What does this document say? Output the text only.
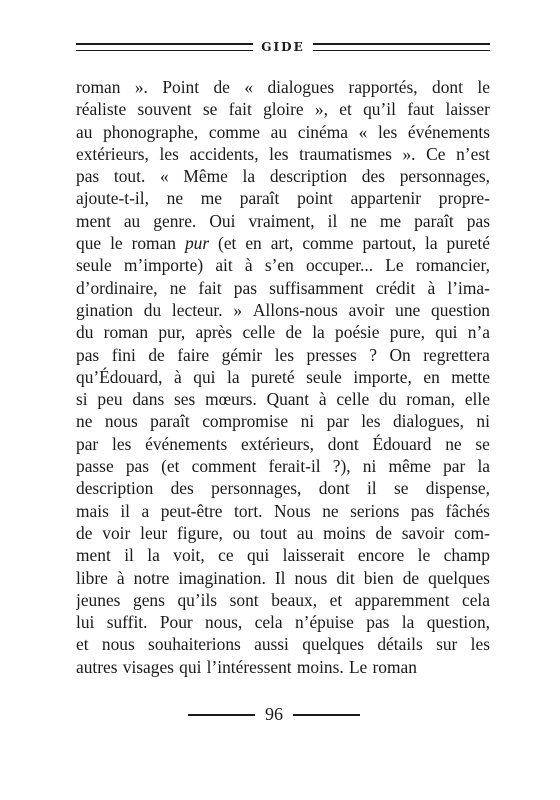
GIDE
roman ». Point de « dialogues rapportés, dont le
réaliste souvent se fait gloire », et qu’il faut laisser
au phonographe, comme au cinéma « les événements
extérieurs, les accidents, les traumatismes ». Ce n’est
pas tout. « Même la description des personnages,
ajoute-t-il, ne me paraît point appartenir propre-
ment au genre. Oui vraiment, il ne me paraît pas
que le roman pur (et en art, comme partout, la pureté
seule m’importe) ait à s’en occuper... Le romancier,
d’ordinaire, ne fait pas suffisamment crédit à l’ima-
gination du lecteur. » Allons-nous avoir une question
du roman pur, après celle de la poésie pure, qui n’a
pas fini de faire gémir les presses ? On regrettera
qu’Édouard, à qui la pureté seule importe, en mette
si peu dans ses mœurs. Quant à celle du roman, elle
ne nous paraît compromise ni par les dialogues, ni
par les événements extérieurs, dont Édouard ne se
passe pas (et comment ferait-il ?), ni même par la
description des personnages, dont il se dispense,
mais il a peut-être tort. Nous ne serions pas fâchés
de voir leur figure, ou tout au moins de savoir com-
ment il la voit, ce qui laisserait encore le champ
libre à notre imagination. Il nous dit bien de quelques
jeunes gens qu’ils sont beaux, et apparemment cela
lui suffit. Pour nous, cela n’épuise pas la question,
et nous souhaiterions aussi quelques détails sur les
autres visages qui l’intéressent moins. Le roman
96
